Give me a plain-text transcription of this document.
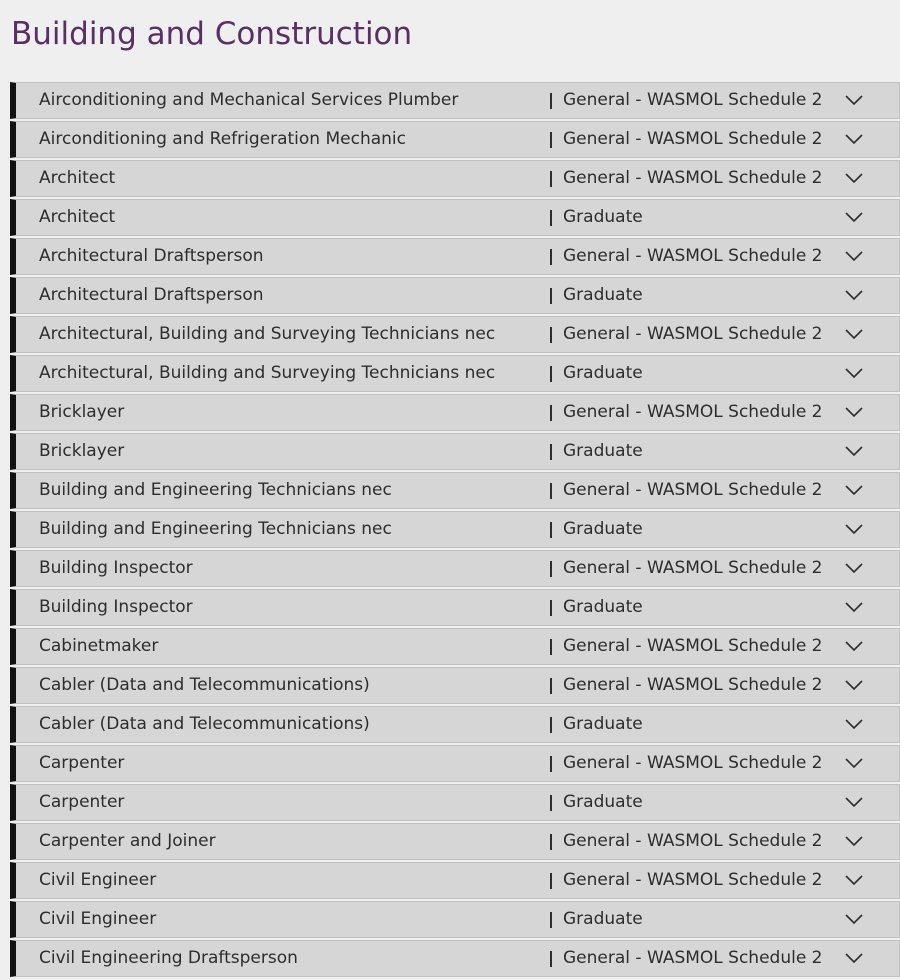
Building and Construction
Airconditioning and Mechanical Services Plumber	General - WASMOL Schedule 2
Airconditioning and Refrigeration Mechanic	General - WASMOL Schedule 2
Architect	General - WASMOL Schedule 2
Architect	Graduate
Architectural Draftsperson	General - WASMOL Schedule 2
Architectural Draftsperson	Graduate
Architectural, Building and Surveying Technicians nec	General - WASMOL Schedule 2
Architectural, Building and Surveying Technicians nec	Graduate
Bricklayer	General - WASMOL Schedule 2
Bricklayer	Graduate
Building and Engineering Technicians nec	General - WASMOL Schedule 2
Building and Engineering Technicians nec	Graduate
Building Inspector	General - WASMOL Schedule 2
Building Inspector	Graduate
Cabinetmaker	General - WASMOL Schedule 2
Cabler (Data and Telecommunications)	General - WASMOL Schedule 2
Cabler (Data and Telecommunications)	Graduate
Carpenter	General - WASMOL Schedule 2
Carpenter	Graduate
Carpenter and Joiner	General - WASMOL Schedule 2
Civil Engineer	General - WASMOL Schedule 2
Civil Engineer	Graduate
Civil Engineering Draftsperson	General - WASMOL Schedule 2
